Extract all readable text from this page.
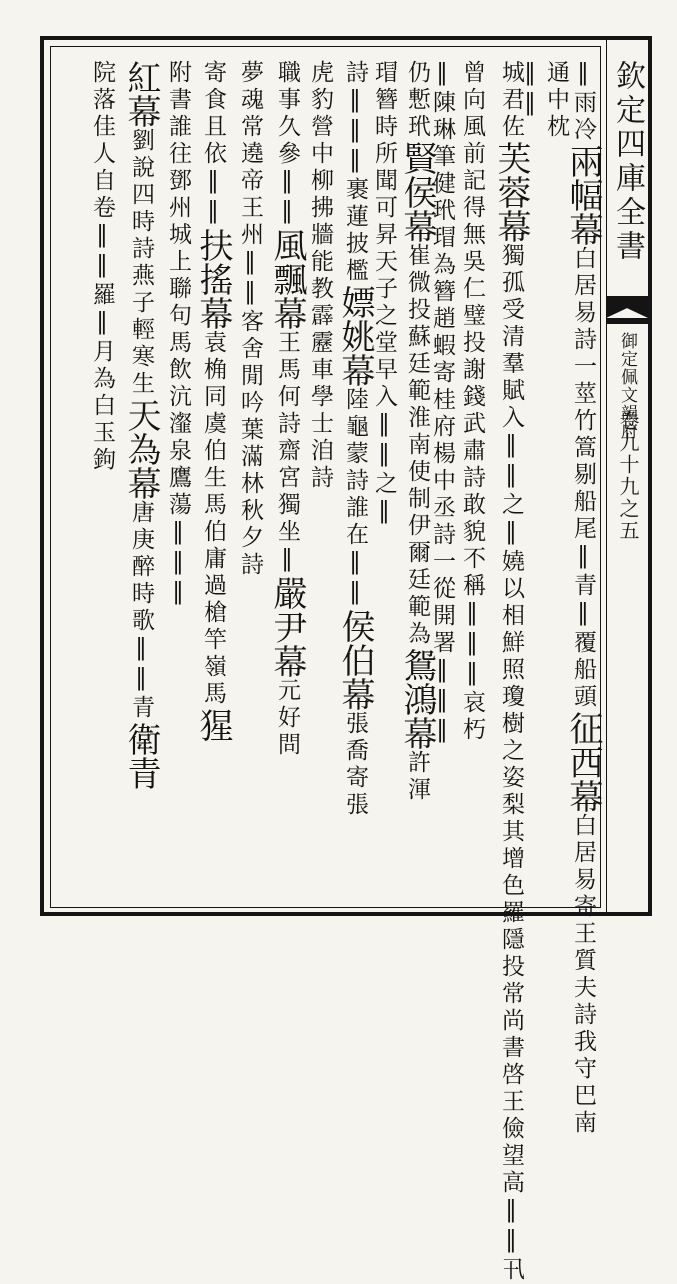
欽定四庫全書
御定佩文韻府
卷九十九之五
‖雨冷兩幅幕白居易詩一莖竹篙剔船尾‖青‖覆船頭征西幕白居易寄王質夫詩我守巴南
通中枕
‖‖
城君佐芙蓉幕獨孤受清羣賦入‖‖之‖嬈以相鮮照瓊樹之姿梨其增色羅隱投常尚書啓王儉望高‖‖卂
曾向風前記得無吳仁璧投謝錢武肅詩敢貌不稱‖‖‖哀朽
‖陳琳筆健玳瑁為簪趙蝦寄桂府楊中丞詩一從開署‖‖‖
仍慙玳賢侯幕崔微投蘇廷範淮南使制伊爾廷範為鴛鴻幕許渾
瑁簪時所聞可昇天子之堂早入‖‖之‖
詩‖‖‖裹蓮披檻嫖姚幕陸龜蒙詩誰在‖‖侯伯幕張喬寄張
虎豹營中柳拂牆能教霹靂車學士洎詩
職事久參‖‖風飄幕王馬何詩齋宮獨坐‖嚴尹幕元好問
夢魂常遶帝王州‖‖客舍閒吟葉滿林秋夕詩
寄食且依‖‖扶搖幕袁桷同虞伯生馬伯庸過槍竿嶺馬猩
附書誰往鄧州城上聯句馬飲沆瀣泉鷹蕩‖‖‖
紅幕劉說四時詩燕子輕寒生天為幕唐庚醉時歌‖‖青衛青
院落佳人自卷‖‖羅‖月為白玉鉤
